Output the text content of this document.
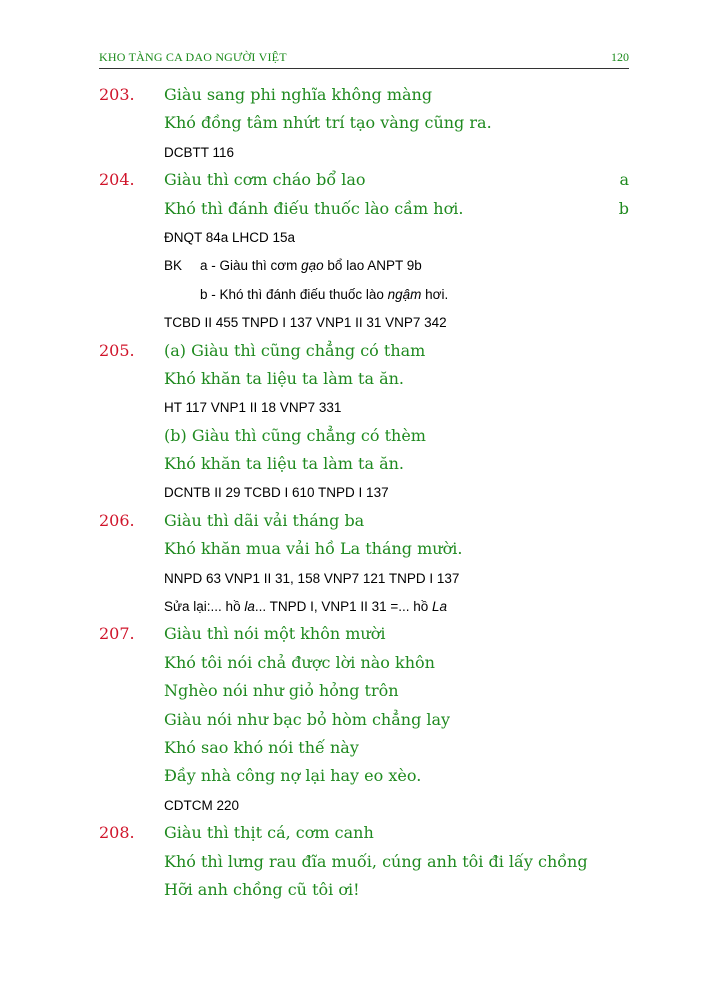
KHO TÀNG CA DAO NGƯỜI VIỆT	120
203. Giàu sang phi nghĩa không màng
Khó đồng tâm nhứt trí tạo vàng cũng ra.
DCBTT 116
204. Giàu thì cơm cháo bổ lao	a
Khó thì đánh điếu thuốc lào cầm hơi.	b
ĐNQT 84a LHCD 15a
BK a - Giàu thì cơm gạo bổ lao ANPT 9b
b - Khó thì đánh điếu thuốc lào ngậm hơi.
TCBD II 455 TNPD I 137 VNP1 II 31 VNP7 342
205. (a) Giàu thì cũng chẳng có tham
Khó khăn ta liệu ta làm ta ăn.
HT 117 VNP1 II 18 VNP7 331
(b) Giàu thì cũng chẳng có thèm
Khó khăn ta liệu ta làm ta ăn.
DCNTB II 29 TCBD I 610 TNPD I 137
206. Giàu thì dãi vải tháng ba
Khó khăn mua vải hồ La tháng mười.
NNPD 63 VNP1 II 31, 158 VNP7 121 TNPD I 137
Sửa lại:... hồ la... TNPD I, VNP1 II 31 =... hồ La
207. Giàu thì nói một khôn mười
Khó tôi nói chả được lời nào khôn
Nghèo nói như giỏ hỏng trôn
Giàu nói như bạc bỏ hòm chẳng lay
Khó sao khó nói thế này
Đầy nhà công nợ lại hay eo xèo.
CDTCM 220
208. Giàu thì thịt cá, cơm canh
Khó thì lưng rau đĩa muối, cúng anh tôi đi lấy chồng
Hỡi anh chồng cũ tôi ơi!
